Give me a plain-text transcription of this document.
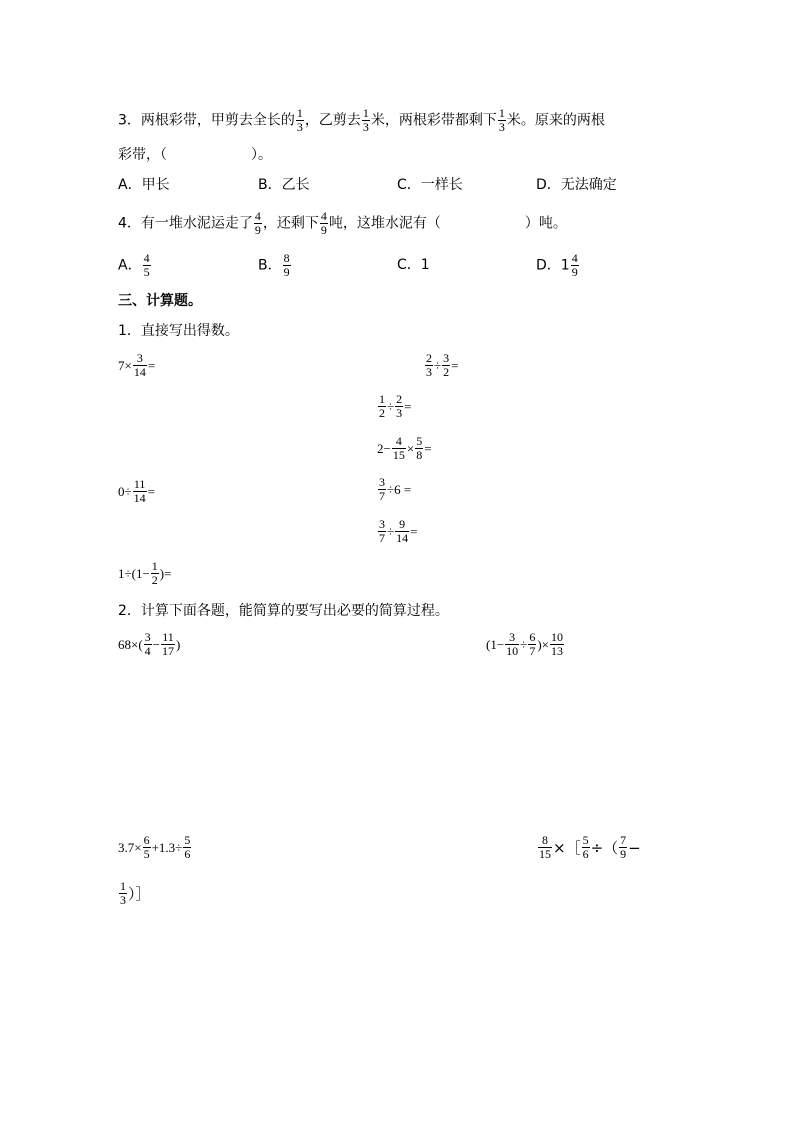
3．两根彩带，甲剪去全长的 $\frac{1}{3}$ ，乙剪去 $\frac{1}{3}$ 米，两根彩带都剩下 $\frac{1}{3}$ 米。原来的两根
彩带，（　　　　　　）。
A．甲长	B．乙长	C．一样长	D．无法确定
4．有一堆水泥运走了 $\frac{4}{9}$ ，还剩下 $\frac{4}{9}$ 吨，这堆水泥有（　　　　　　）吨。
A． $\frac{4}{5}$	B． $\frac{8}{9}$	C．1	D．$1 \frac{4}{9}$
三、计算题。
1．直接写出得数。
$7\times \frac{3}{14}$ =	$\frac{2}{3} \div \frac{3}{2}$ =
$\frac{1}{2} \div \frac{2}{3}$ =
$2- \frac{4}{15} \times \frac{5}{8}$ =
$0\div \frac{11}{14}$ =	$\frac{3}{7} \div 6$ =
$\frac{3}{7} \div \frac{9}{14}$ =
$1\div(1- \frac{1}{2}$ )=
2．计算下面各题，能简算的要写出必要的简算过程。
$68\times( \frac{3}{4} - \frac{11}{17}$ )	($1- \frac{3}{10} \div \frac{6}{7}$ )× $\frac{10}{13}$
$3.7\times \frac{6}{5} +1.3\div \frac{5}{6}$	$\frac{8}{15}$ ×［ $\frac{5}{6}$ ÷（ $\frac{7}{9}$ −
$\frac{1}{3}$ ）］
